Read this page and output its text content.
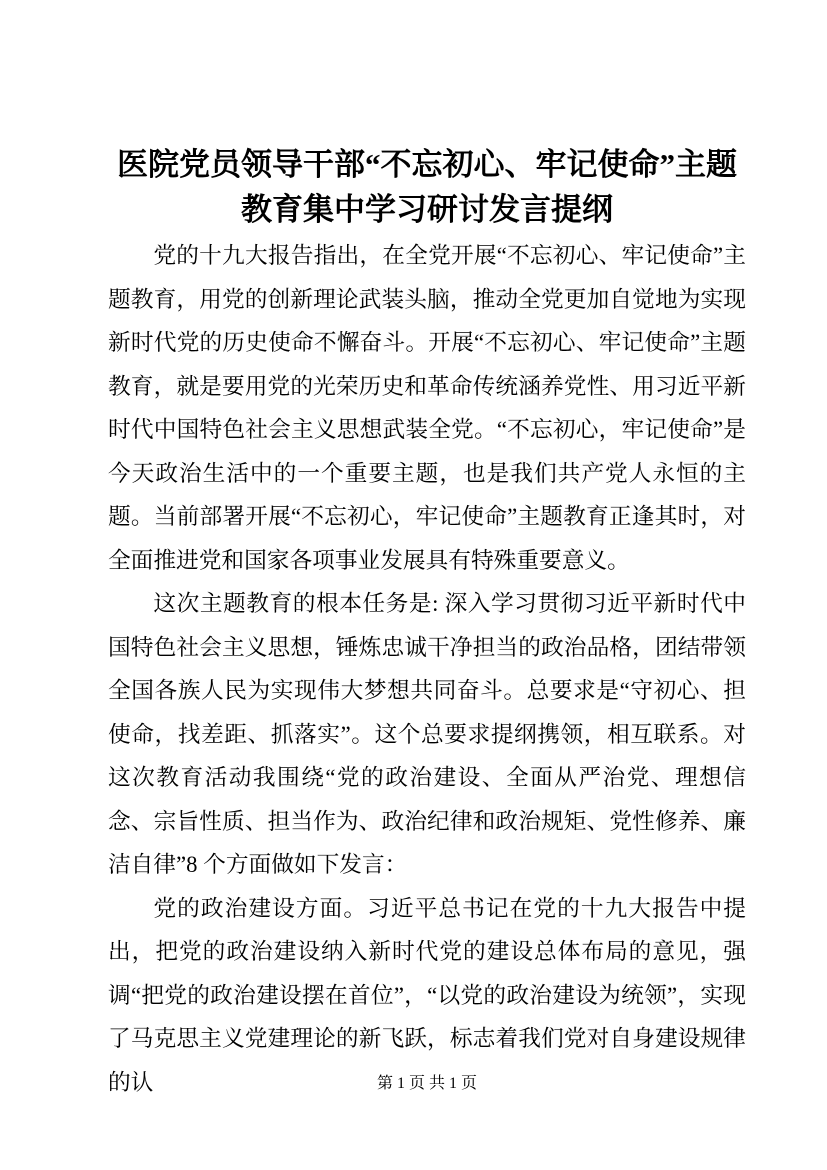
医院党员领导干部“不忘初心、牢记使命”主题教育集中学习研讨发言提纲

党的十九大报告指出，在全党开展“不忘初心、牢记使命”主题教育，用党的创新理论武装头脑，推动全党更加自觉地为实现新时代党的历史使命不懈奋斗。开展“不忘初心、牢记使命”主题教育，就是要用党的光荣历史和革命传统涵养党性、用习近平新时代中国特色社会主义思想武装全党。“不忘初心，牢记使命”是今天政治生活中的一个重要主题，也是我们共产党人永恒的主题。当前部署开展“不忘初心，牢记使命”主题教育正逢其时，对全面推进党和国家各项事业发展具有特殊重要意义。

这次主题教育的根本任务是: 深入学习贯彻习近平新时代中国特色社会主义思想，锤炼忠诚干净担当的政治品格，团结带领全国各族人民为实现伟大梦想共同奋斗。总要求是“守初心、担使命，找差距、抓落实”。这个总要求提纲携领，相互联系。对这次教育活动我围绕“党的政治建设、全面从严治党、理想信念、宗旨性质、担当作为、政治纪律和政治规矩、党性修养、廉洁自律”8 个方面做如下发言：

党的政治建设方面。习近平总书记在党的十九大报告中提出，把党的政治建设纳入新时代党的建设总体布局的意见，强调“把党的政治建设摆在首位”，“以党的政治建设为统领”，实现了马克思主义党建理论的新飞跃，标志着我们党对自身建设规律的认	第 1 页 共 1 页
